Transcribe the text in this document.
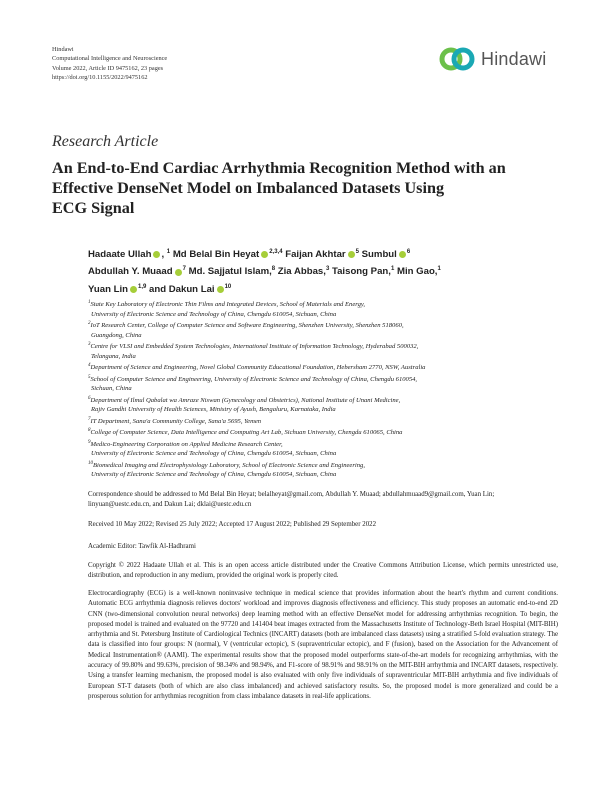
Hindawi
Computational Intelligence and Neuroscience
Volume 2022, Article ID 9475162, 23 pages
https://doi.org/10.1155/2022/9475162
Hindawi
Research Article
An End-to-End Cardiac Arrhythmia Recognition Method with an
Effective DenseNet Model on Imbalanced Datasets Using
ECG Signal
Hadaate Ullah , $^1$ Md Belal Bin Heyat $^{2,3,4}$ Faijan Akhtar $^5$ Sumbul $^6$
Abdullah Y. Muaad $^7$ Md. Sajjatul Islam,$^8$ Zia Abbas,$^3$ Taisong Pan,$^1$ Min Gao,$^1$
Yuan Lin $^{1,9}$ and Dakun Lai $^{10}$

$^1$State Key Laboratory of Electronic Thin Films and Integrated Devices, School of Materials and Energy,
University of Electronic Science and Technology of China, Chengdu 610054, Sichuan, China

$^2$IoT Research Center, College of Computer Science and Software Engineering, Shenzhen University, Shenzhen 518060,
Guangdong, China

$^3$Centre for VLSI and Embedded System Technologies, International Institute of Information Technology, Hyderabad 500032,
Telangana, India

$^4$Department of Science and Engineering, Novel Global Community Educational Foundation, Hebersham 2770, NSW, Australia

$^5$School of Computer Science and Engineering, University of Electronic Science and Technology of China, Chengdu 610054,
Sichuan, China

$^6$Department of Ilmul Qabalat wa Amraze Niswan (Gynecology and Obstetrics), National Institute of Unani Medicine,
Rajiv Gandhi University of Health Sciences, Ministry of Ayush, Bengaluru, Karnataka, India

$^7$IT Department, Sana'a Community College, Sana'a 5695, Yemen

$^8$College of Computer Science, Data Intelligence and Computing Art Lab, Sichuan University, Chengdu 610065, China

$^9$Medico-Engineering Corporation on Applied Medicine Research Center,
University of Electronic Science and Technology of China, Chengdu 610054, Sichuan, China

$^{10}$Biomedical Imaging and Electrophysiology Laboratory, School of Electronic Science and Engineering,
University of Electronic Science and Technology of China, Chengdu 610054, Sichuan, China

Correspondence should be addressed to Md Belal Bin Heyat; belalheyat@gmail.com, Abdullah Y. Muaad; abdullahmuaad9@gmail.com, Yuan Lin; linyuan@uestc.edu.cn, and Dakun Lai; dklai@uestc.edu.cn
Received 10 May 2022; Revised 25 July 2022; Accepted 17 August 2022; Published 29 September 2022
Academic Editor: Tawfik Al-Hadhrami
Copyright © 2022 Hadaate Ullah et al. This is an open access article distributed under the Creative Commons Attribution License, which permits unrestricted use, distribution, and reproduction in any medium, provided the original work is properly cited.
Electrocardiography (ECG) is a well-known noninvasive technique in medical science that provides information about the heart's rhythm and current conditions. Automatic ECG arrhythmia diagnosis relieves doctors' workload and improves diagnosis effectiveness and efficiency. This study proposes an automatic end-to-end 2D CNN (two-dimensional convolution neural networks) deep learning method with an effective DenseNet model for addressing arrhythmias recognition. To begin, the proposed model is trained and evaluated on the 97720 and 141404 beat images extracted from the Massachusetts Institute of Technology-Beth Israel Hospital (MIT-BIH) arrhythmia and St. Petersburg Institute of Cardiological Technics (INCART) datasets (both are imbalanced class datasets) using a stratified 5-fold evaluation strategy. The data is classified into four groups: N (normal), V (ventricular ectopic), S (supraventricular ectopic), and F (fusion), based on the Association for the Advancement of Medical Instrumentation® (AAMI). The experimental results show that the proposed model outperforms state-of-the-art models for recognizing arrhythmias, with the accuracy of 99.80% and 99.63%, precision of 98.34% and 98.94%, and F1-score of 98.91% and 98.91% on the MIT-BIH arrhythmia and INCART datasets, respectively. Using a transfer learning mechanism, the proposed model is also evaluated with only five individuals of supraventricular MIT-BIH arrhythmia and five individuals of European ST-T datasets (both of which are also class imbalanced) and achieved satisfactory results. So, the proposed model is more generalized and could be a prosperous solution for arrhythmias recognition from class imbalance datasets in real-life applications.
